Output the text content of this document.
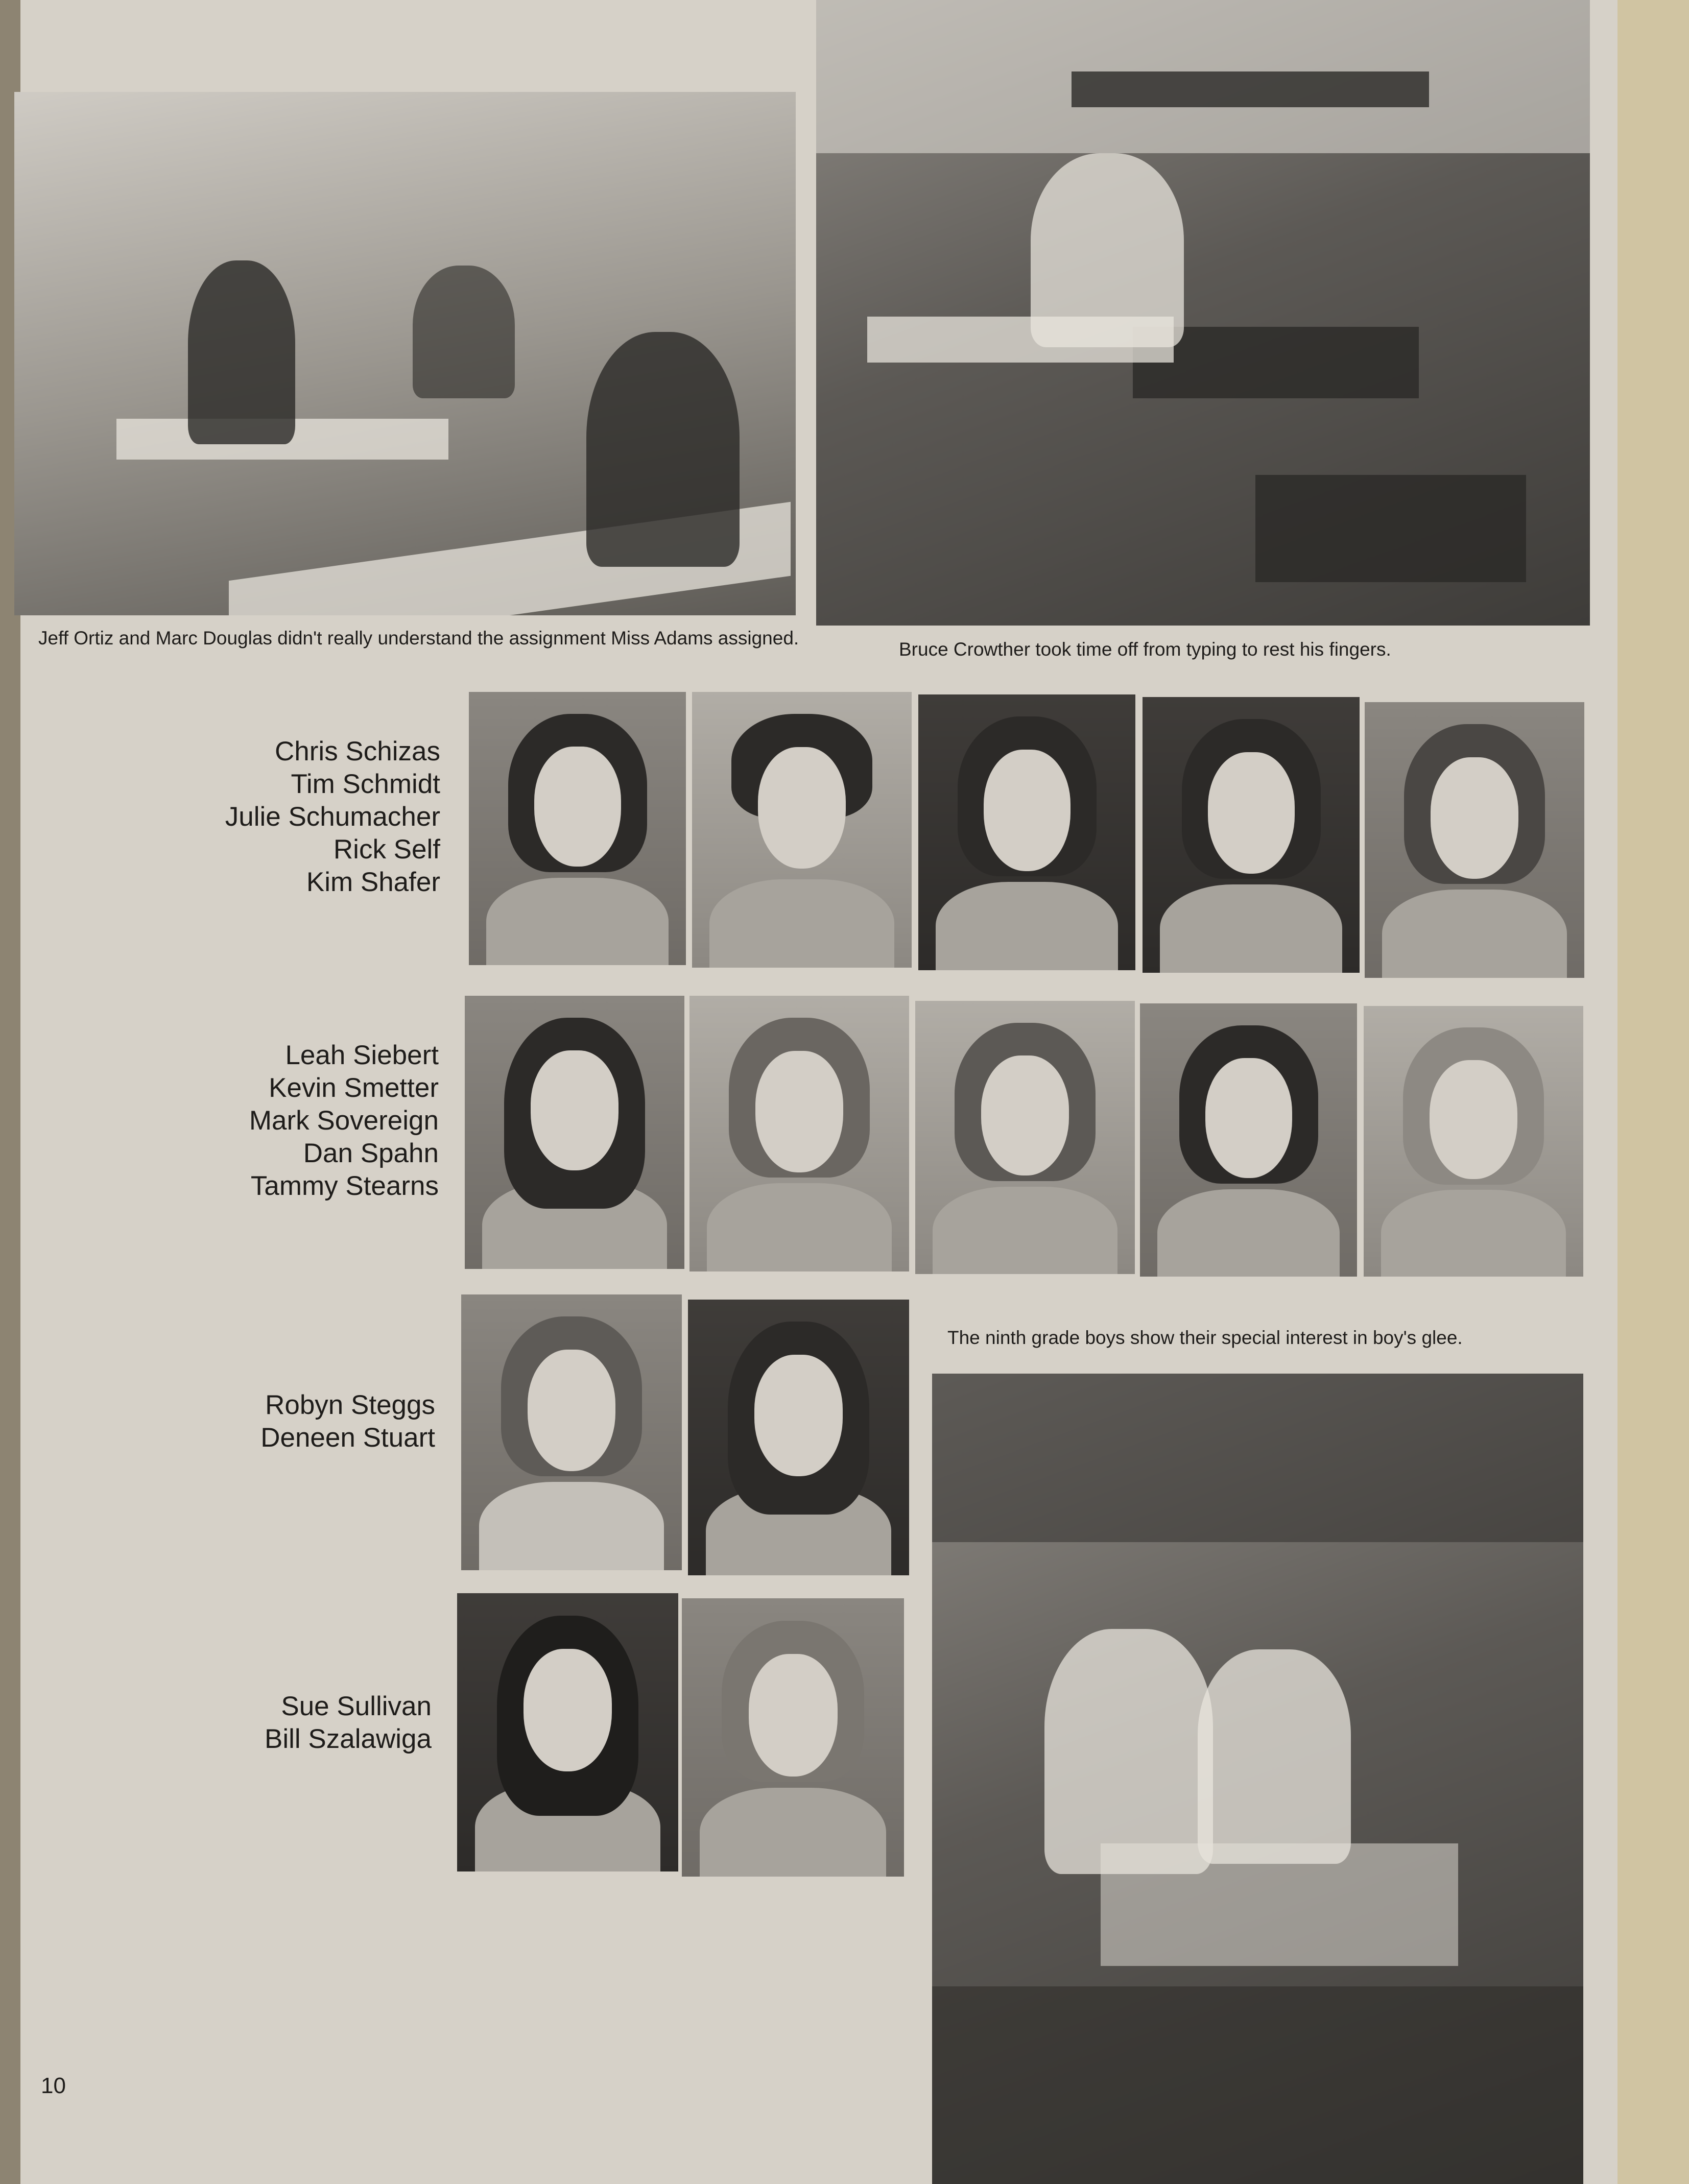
Jeff Ortiz and Marc Douglas didn't really understand the assignment Miss Adams assigned.

Bruce Crowther took time off from typing to rest his fingers.

Chris Schizas
Tim Schmidt
Julie Schumacher
Rick Self
Kim Shafer
Leah Siebert
Kevin Smetter
Mark Sovereign
Dan Spahn
Tammy Stearns
Robyn Steggs
Deneen Stuart
Sue Sullivan
Bill Szalawiga

The ninth grade boys show their special interest in boy's glee.

10
